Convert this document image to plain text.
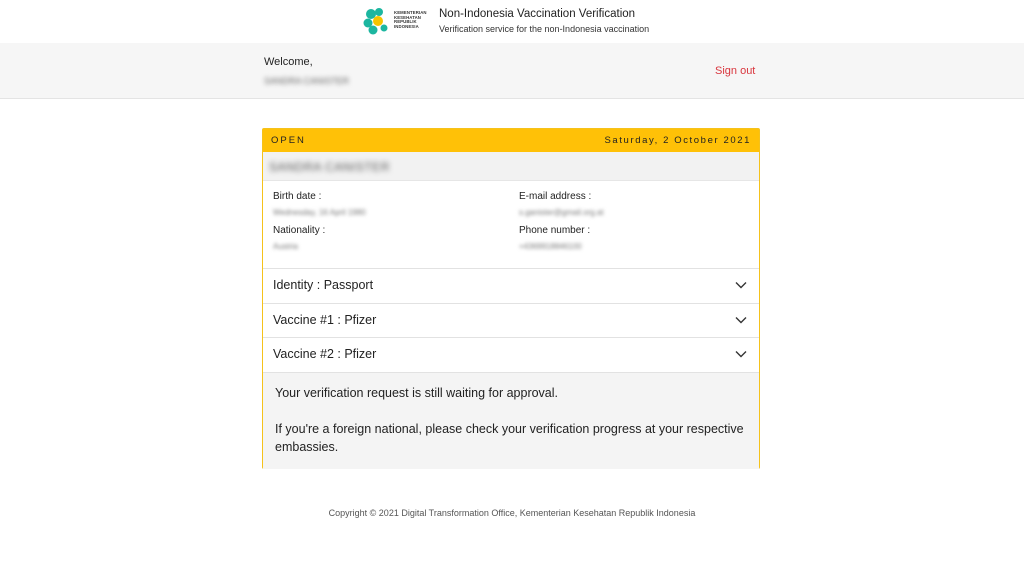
KEMENTERIAN KESEHATAN REPUBLIK INDONESIA
Non-Indonesia Vaccination Verification
Verification service for the non-Indonesia vaccination
Welcome,
SANDRA CANISTER
Sign out
OPEN	Saturday, 2 October 2021
SANDRA CANISTER
Birth date :
Wednesday, 16 April 1980
E-mail address :
s.ganister@gmail.org.at
Nationality :
Austria
Phone number :
+4369918846100
Identity : Passport
Vaccine #1 : Pfizer
Vaccine #2 : Pfizer

Your verification request is still waiting for approval.

If you're a foreign national, please check your verification progress at your respective embassies.

Copyright © 2021 Digital Transformation Office, Kementerian Kesehatan Republik Indonesia
